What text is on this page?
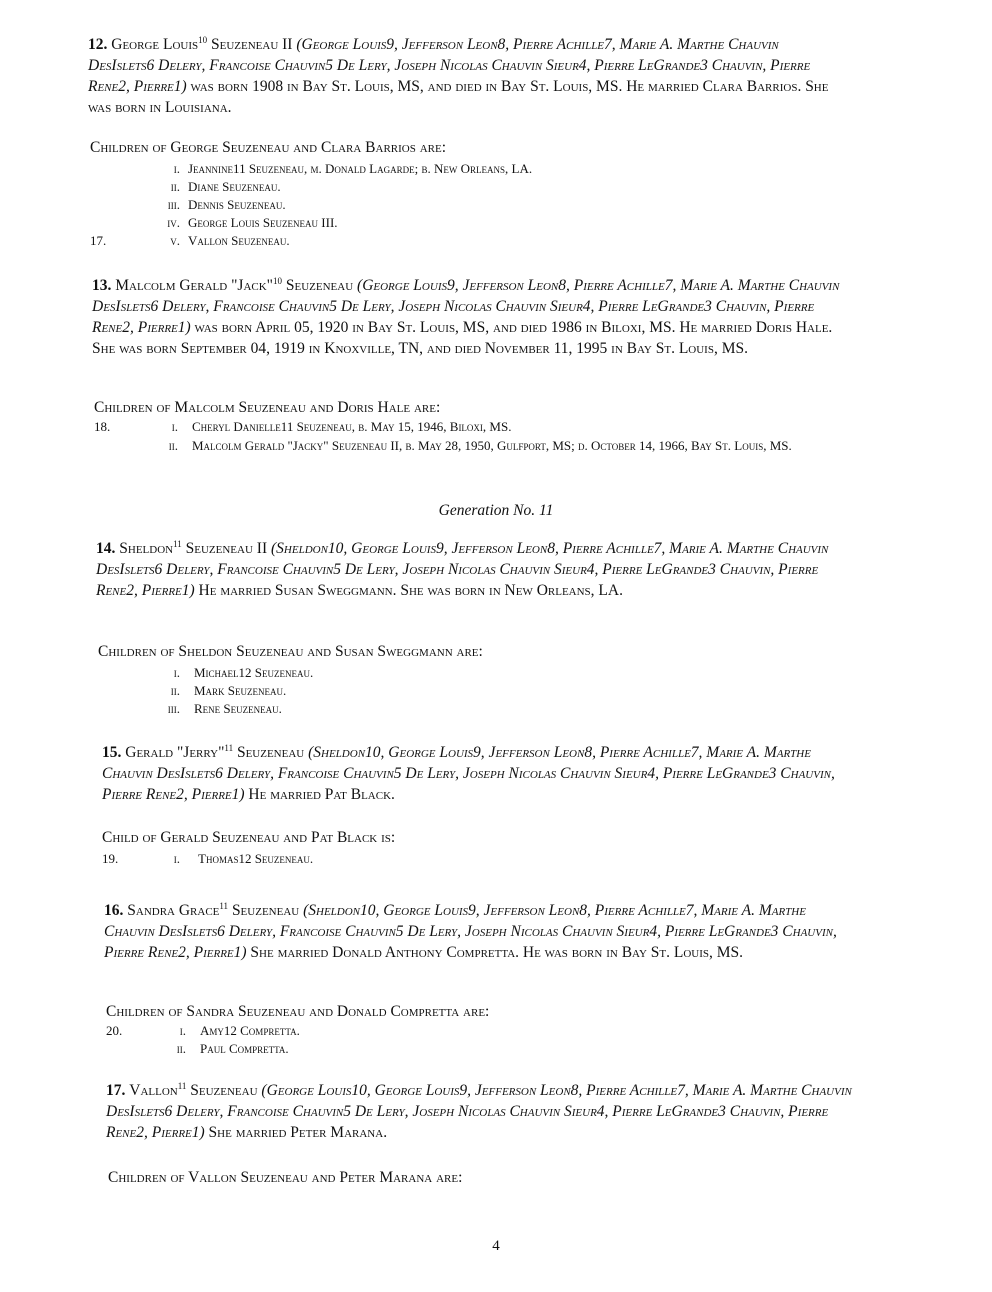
12. George Louis$^{10}$ Seuzeneau II (George Louis9, Jefferson Leon8, Pierre Achille7, Marie A. Marthe Chauvin DesIslets6 Delery, Francoise Chauvin5 De Lery, Joseph Nicolas Chauvin Sieur4, Pierre LeGrande3 Chauvin, Pierre Rene2, Pierre1) was born 1908 in Bay St. Louis, MS, and died in Bay St. Louis, MS. He married Clara Barrios. She was born in Louisiana.

Children of George Seuzeneau and Clara Barrios are:

i. Jeannine11 Seuzeneau, m. Donald Lagarde; b. New Orleans, LA.
ii. Diane Seuzeneau.
iii. Dennis Seuzeneau.
iv. George Louis Seuzeneau III.
17.	v. Vallon Seuzeneau.

13. Malcolm Gerald "Jack"$^{10}$ Seuzeneau (George Louis9, Jefferson Leon8, Pierre Achille7, Marie A. Marthe Chauvin DesIslets6 Delery, Francoise Chauvin5 De Lery, Joseph Nicolas Chauvin Sieur4, Pierre LeGrande3 Chauvin, Pierre Rene2, Pierre1) was born April 05, 1920 in Bay St. Louis, MS, and died 1986 in Biloxi, MS. He married Doris Hale. She was born September 04, 1919 in Knoxville, TN, and died November 11, 1995 in Bay St. Louis, MS.

Children of Malcolm Seuzeneau and Doris Hale are:

18.	i. Cheryl Danielle11 Seuzeneau, b. May 15, 1946, Biloxi, MS.
ii. Malcolm Gerald "Jacky" Seuzeneau II, b. May 28, 1950, Gulfport, MS; d. October 14, 1966, Bay St. Louis, MS.
Generation No. 11

14. Sheldon$^{11}$ Seuzeneau II (Sheldon10, George Louis9, Jefferson Leon8, Pierre Achille7, Marie A. Marthe Chauvin DesIslets6 Delery, Francoise Chauvin5 De Lery, Joseph Nicolas Chauvin Sieur4, Pierre LeGrande3 Chauvin, Pierre Rene2, Pierre1) He married Susan Sweggmann. She was born in New Orleans, LA.

Children of Sheldon Seuzeneau and Susan Sweggmann are:

i. Michael12 Seuzeneau.
ii. Mark Seuzeneau.
iii. Rene Seuzeneau.

15. Gerald "Jerry"$^{11}$ Seuzeneau (Sheldon10, George Louis9, Jefferson Leon8, Pierre Achille7, Marie A. Marthe Chauvin DesIslets6 Delery, Francoise Chauvin5 De Lery, Joseph Nicolas Chauvin Sieur4, Pierre LeGrande3 Chauvin, Pierre Rene2, Pierre1) He married Pat Black.

Child of Gerald Seuzeneau and Pat Black is:

19.	i. Thomas12 Seuzeneau.

16. Sandra Grace$^{11}$ Seuzeneau (Sheldon10, George Louis9, Jefferson Leon8, Pierre Achille7, Marie A. Marthe Chauvin DesIslets6 Delery, Francoise Chauvin5 De Lery, Joseph Nicolas Chauvin Sieur4, Pierre LeGrande3 Chauvin, Pierre Rene2, Pierre1) She married Donald Anthony Compretta. He was born in Bay St. Louis, MS.

Children of Sandra Seuzeneau and Donald Compretta are:

20.	i. Amy12 Compretta.
ii. Paul Compretta.

17. Vallon$^{11}$ Seuzeneau (George Louis10, George Louis9, Jefferson Leon8, Pierre Achille7, Marie A. Marthe Chauvin DesIslets6 Delery, Francoise Chauvin5 De Lery, Joseph Nicolas Chauvin Sieur4, Pierre LeGrande3 Chauvin, Pierre Rene2, Pierre1) She married Peter Marana.

Children of Vallon Seuzeneau and Peter Marana are:

4
